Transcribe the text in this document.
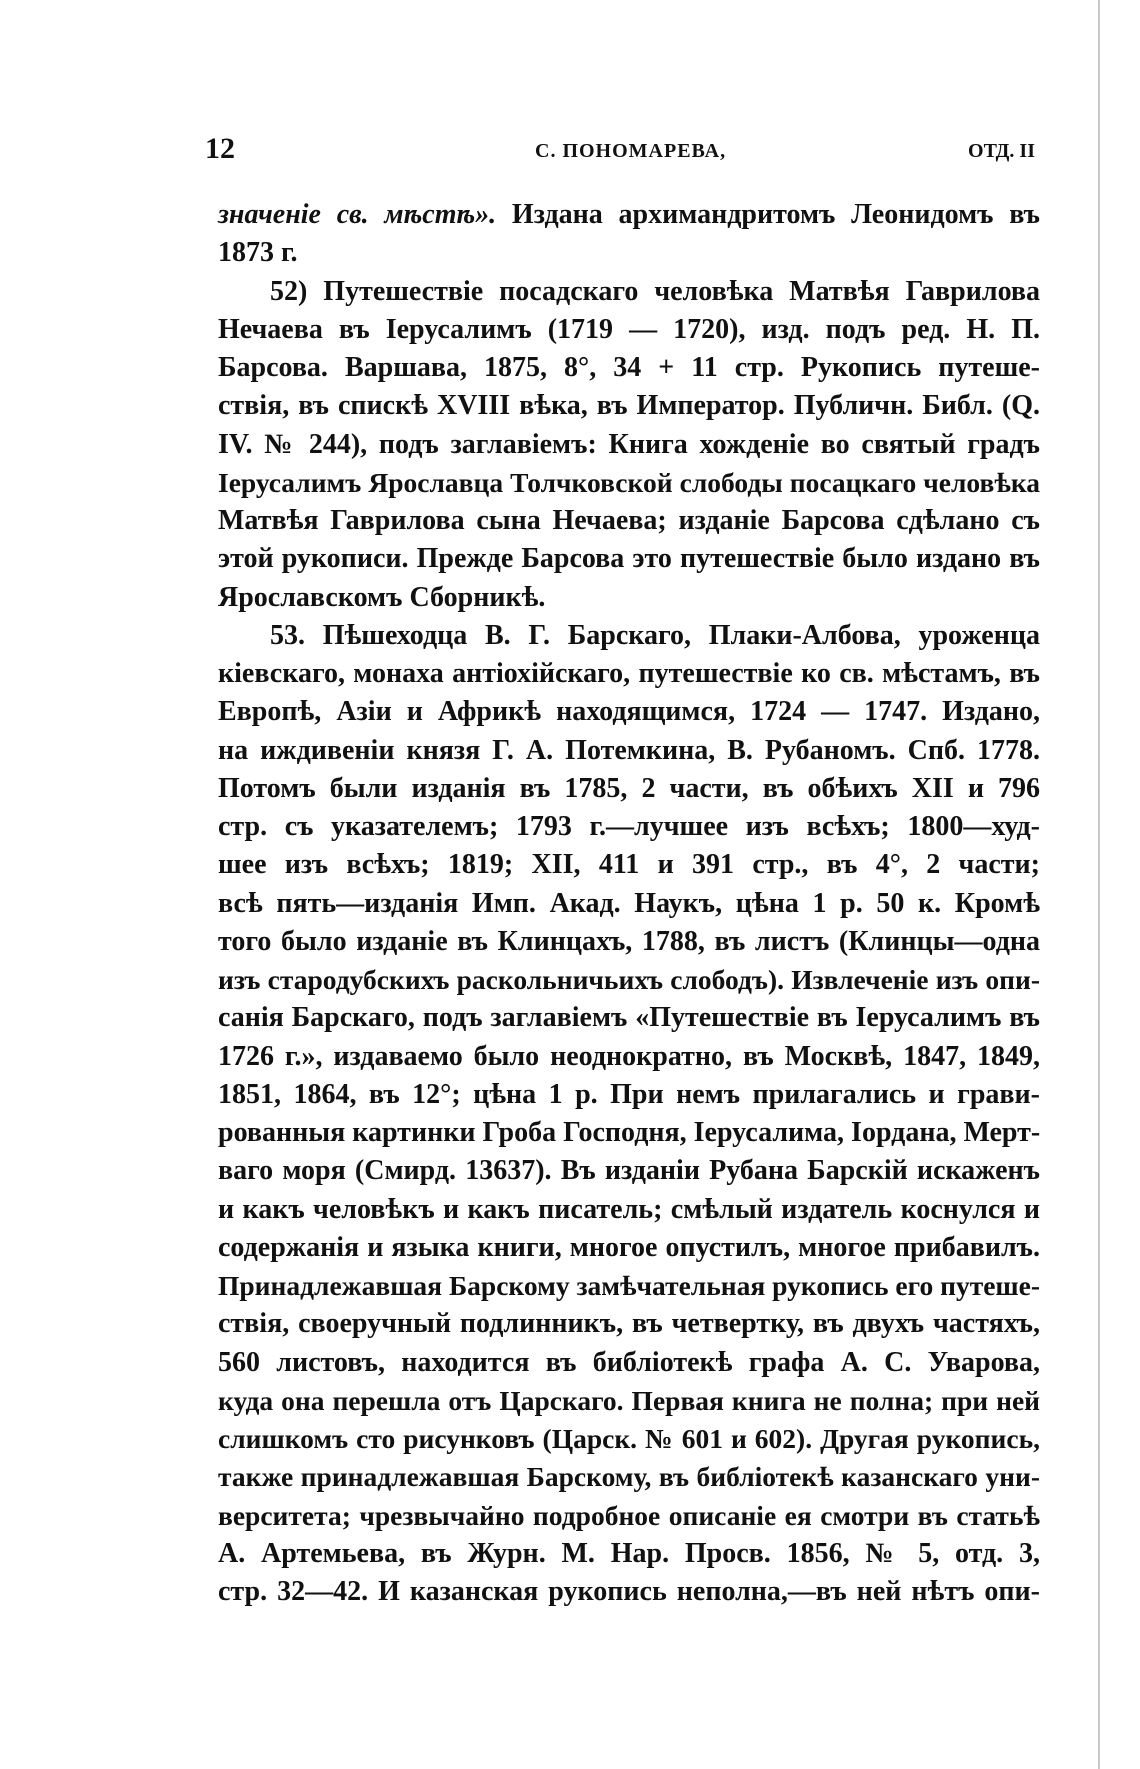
12	С. ПОНОМАРЕВА,	ОТД. II
значеніе св. мѣстѣ». Издана архимандритомъ Леонидомъ въ
1873 г.
52) Путешествіе посадскаго человѣка Матвѣя Гаврилова
Нечаева въ Іерусалимъ (1719 — 1720), изд. подъ ред. Н. П.
Барсова. Варшава, 1875, 8°, 34 + 11 стр. Рукопись путеше-
ствія, въ спискѣ XVIII вѣка, въ Император. Публичн. Библ. (Q.
IV. № 244), подъ заглавіемъ: Книга хожденіе во святый градъ
Іерусалимъ Ярославца Толчковской слободы посацкаго человѣка
Матвѣя Гаврилова сына Нечаева; изданіе Барсова сдѣлано съ
этой рукописи. Прежде Барсова это путешествіе было издано въ
Ярославскомъ Сборникѣ.
53. Пѣшеходца В. Г. Барскаго, Плаки-Албова, уроженца
кіевскаго, монаха антіохійскаго, путешествіе ко св. мѣстамъ, въ
Европѣ, Азіи и Африкѣ находящимся, 1724 — 1747. Издано,
на иждивеніи князя Г. А. Потемкина, В. Рубаномъ. Спб. 1778.
Потомъ были изданія въ 1785, 2 части, въ обѣихъ XII и 796
стр. съ указателемъ; 1793 г.—лучшее изъ всѣхъ; 1800—худ-
шее изъ всѣхъ; 1819; XII, 411 и 391 стр., въ 4°, 2 части;
всѣ пять—изданія Имп. Акад. Наукъ, цѣна 1 р. 50 к. Кромѣ
того было изданіе въ Клинцахъ, 1788, въ листъ (Клинцы—одна
изъ стародубскихъ раскольничьихъ слободъ). Извлеченіе изъ опи-
санія Барскаго, подъ заглавіемъ «Путешествіе въ Іерусалимъ въ
1726 г.», издаваемо было неоднократно, въ Москвѣ, 1847, 1849,
1851, 1864, въ 12°; цѣна 1 р. При немъ прилагались и грави-
рованныя картинки Гроба Господня, Іерусалима, Іордана, Мерт-
ваго моря (Смирд. 13637). Въ изданіи Рубана Барскій искаженъ
и какъ человѣкъ и какъ писатель; смѣлый издатель коснулся и
содержанія и языка книги, многое опустилъ, многое прибавилъ.
Принадлежавшая Барскому замѣчательная рукопись его путеше-
ствія, своеручный подлинникъ, въ четвертку, въ двухъ частяхъ,
560 листовъ, находится въ библіотекѣ графа А. С. Уварова,
куда она перешла отъ Царскаго. Первая книга не полна; при ней
слишкомъ сто рисунковъ (Царск. № 601 и 602). Другая рукопись,
также принадлежавшая Барскому, въ библіотекѣ казанскаго уни-
верситета; чрезвычайно подробное описаніе ея смотри въ статьѣ
А. Артемьева, въ Журн. М. Нар. Просв. 1856, № 5, отд. 3,
стр. 32—42. И казанская рукопись неполна,—въ ней нѣтъ опи-
